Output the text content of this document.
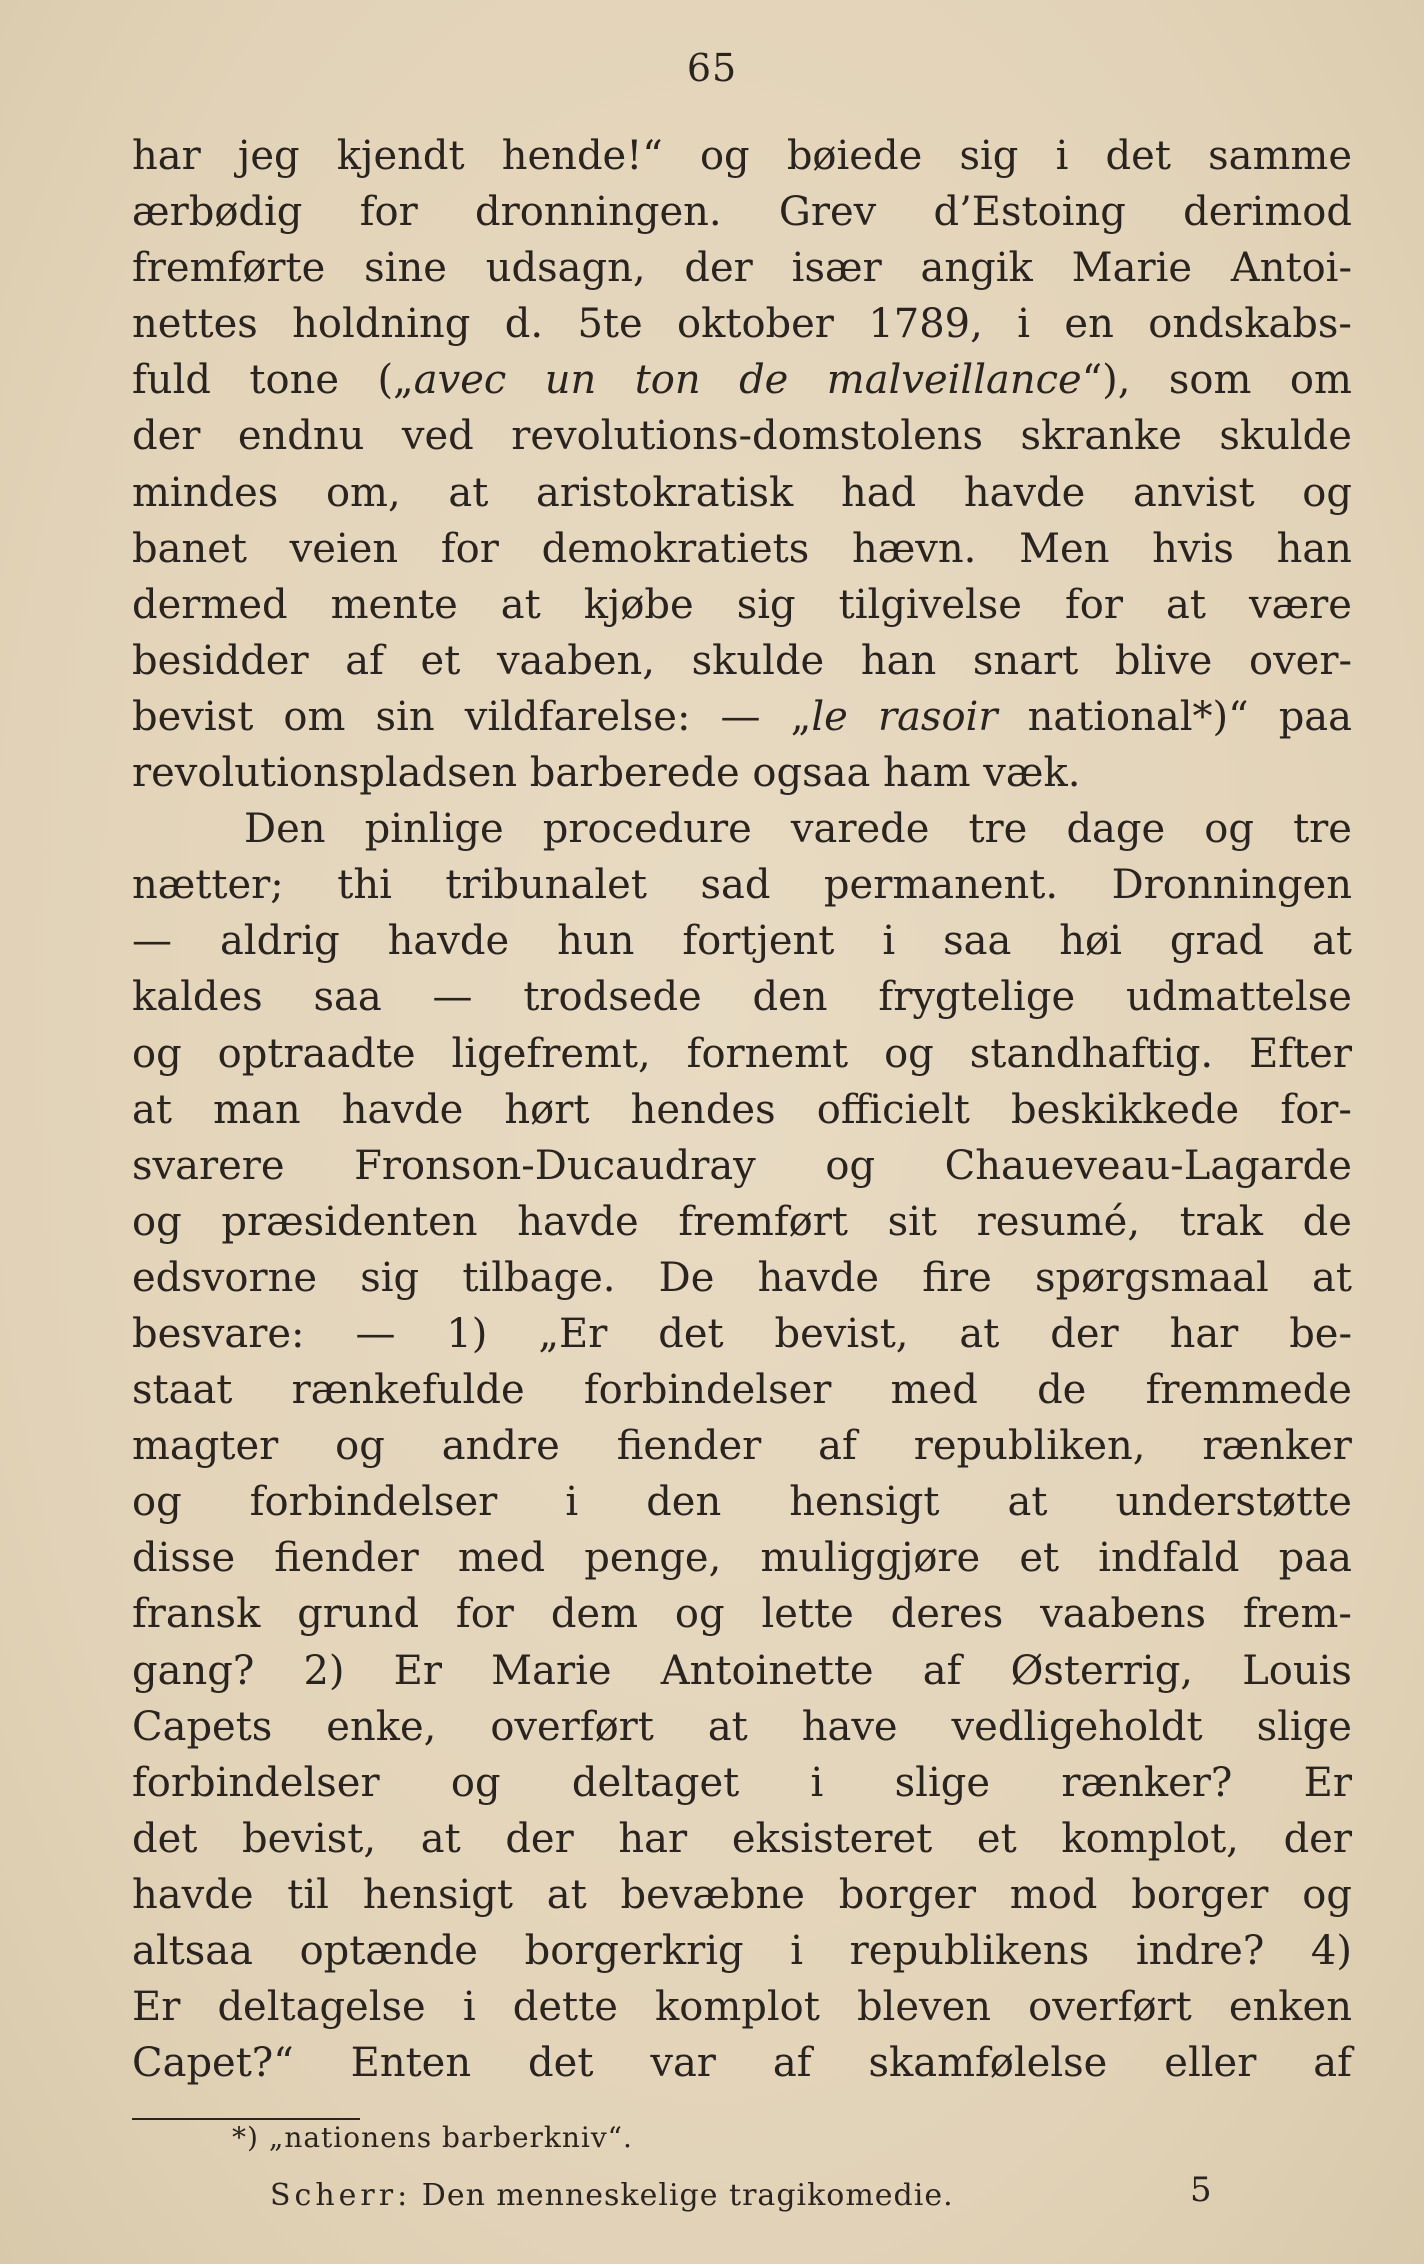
65
har jeg kjendt hende!“ og bøiede sig i det samme
ærbødig for dronningen. Grev d’Estoing derimod
fremførte sine udsagn, der især angik Marie Antoi-
nettes holdning d. 5te oktober 1789, i en ondskabs-
fuld tone („avec un ton de malveillance“), som om
der endnu ved revolutions-domstolens skranke skulde
mindes om, at aristokratisk had havde anvist og
banet veien for demokratiets hævn. Men hvis han
dermed mente at kjøbe sig tilgivelse for at være
besidder af et vaaben, skulde han snart blive over-
bevist om sin vildfarelse: — „le rasoir national*)“ paa
revolutionspladsen barberede ogsaa ham væk.
Den pinlige procedure varede tre dage og tre
nætter; thi tribunalet sad permanent. Dronningen
— aldrig havde hun fortjent i saa høi grad at
kaldes saa — trodsede den frygtelige udmattelse
og optraadte ligefremt, fornemt og standhaftig. Efter
at man havde hørt hendes officielt beskikkede for-
svarere Fronson-Ducaudray og Chaueveau-Lagarde
og præsidenten havde fremført sit resumé, trak de
edsvorne sig tilbage. De havde fire spørgsmaal at
besvare: — 1) „Er det bevist, at der har be-
staat rænkefulde forbindelser med de fremmede
magter og andre fiender af republiken, rænker
og forbindelser i den hensigt at understøtte
disse fiender med penge, muliggjøre et indfald paa
fransk grund for dem og lette deres vaabens frem-
gang? 2) Er Marie Antoinette af Østerrig, Louis
Capets enke, overført at have vedligeholdt slige
forbindelser og deltaget i slige rænker? Er
det bevist, at der har eksisteret et komplot, der
havde til hensigt at bevæbne borger mod borger og
altsaa optænde borgerkrig i republikens indre? 4)
Er deltagelse i dette komplot bleven overført enken
Capet?“ Enten det var af skamfølelse eller af
*) „nationens barberkniv“.
Scherr: Den menneskelige tragikomedie.	5
